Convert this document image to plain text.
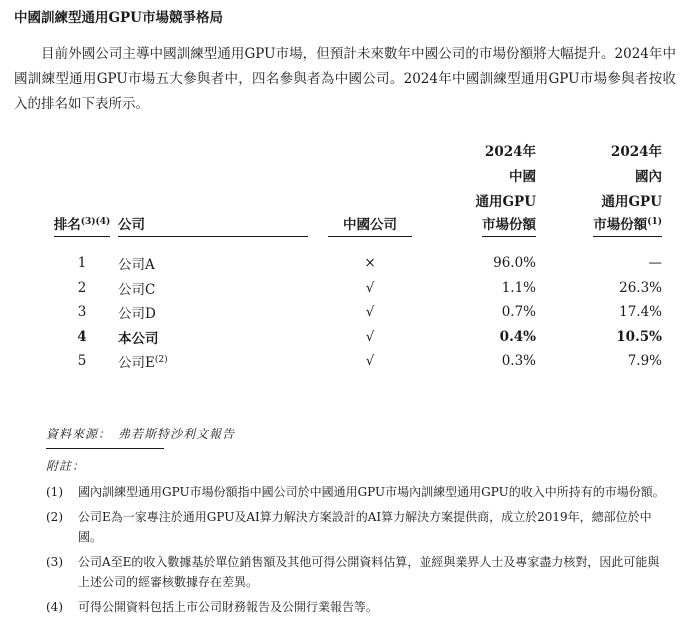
中國訓練型通用GPU市場競爭格局
目前外國公司主導中國訓練型通用GPU市場，但預計未來數年中國公司的市場份額將大幅提升。2024年中國訓練型通用GPU市場五大參與者中，四名參與者為中國公司。2024年中國訓練型通用GPU市場參與者按收入的排名如下表所示。
排名$^{(3)(4)}$	公司	中國公司	2024年
中國
通用GPU
市場份額	2024年
國內
通用GPU
市場份額$^{(1)}$

1	公司A	×	96.0%	—
2	公司C	√	1.1%	26.3%
3	公司D	√	0.7%	17.4%
4	本公司	√	0.4%	10.5%
5	公司$E^{(2)}$	√	0.3%	7.9%
資料來源：　弗若斯特沙利文報告
附註：
(1)	國內訓練型通用GPU市場份額指中國公司於中國通用GPU市場內訓練型通用GPU的收入中所持有的市場份額。
(2)	公司E為一家專注於通用GPU及AI算力解決方案設計的AI算力解決方案提供商，成立於2019年，總部位於中國。
(3)	公司A至E的收入數據基於單位銷售額及其他可得公開資料估算，並經與業界人士及專家盡力核對，因此可能與上述公司的經審核數據存在差異。
(4)	可得公開資料包括上市公司財務報告及公開行業報告等。
